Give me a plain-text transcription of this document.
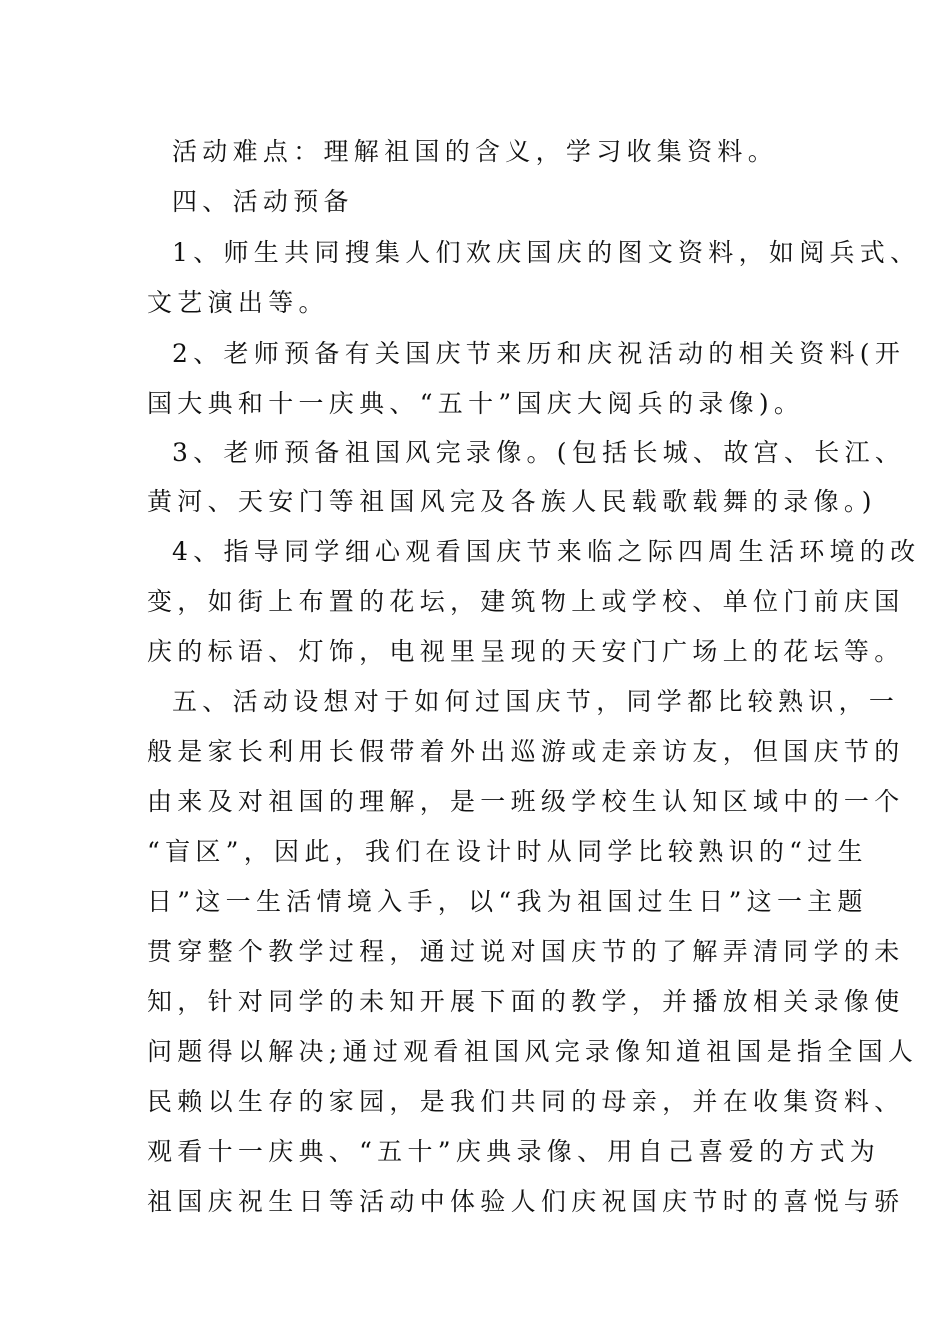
活动难点：理解祖国的含义，学习收集资料。
四、活动预备
1、师生共同搜集人们欢庆国庆的图文资料，如阅兵式、
文艺演出等。
2、老师预备有关国庆节来历和庆祝活动的相关资料(开
国大典和十一庆典、“五十”国庆大阅兵的录像)。
3、老师预备祖国风完录像。(包括长城、故宫、长江、
黄河、天安门等祖国风完及各族人民载歌载舞的录像。)
4、指导同学细心观看国庆节来临之际四周生活环境的改
变，如街上布置的花坛，建筑物上或学校、单位门前庆国
庆的标语、灯饰，电视里呈现的天安门广场上的花坛等。
五、活动设想对于如何过国庆节，同学都比较熟识，一
般是家长利用长假带着外出巡游或走亲访友，但国庆节的
由来及对祖国的理解，是一班级学校生认知区域中的一个
“盲区”，因此，我们在设计时从同学比较熟识的“过生
日”这一生活情境入手，以“我为祖国过生日”这一主题
贯穿整个教学过程，通过说对国庆节的了解弄清同学的未
知，针对同学的未知开展下面的教学，并播放相关录像使
问题得以解决;通过观看祖国风完录像知道祖国是指全国人
民赖以生存的家园，是我们共同的母亲，并在收集资料、
观看十一庆典、“五十”庆典录像、用自己喜爱的方式为
祖国庆祝生日等活动中体验人们庆祝国庆节时的喜悦与骄
